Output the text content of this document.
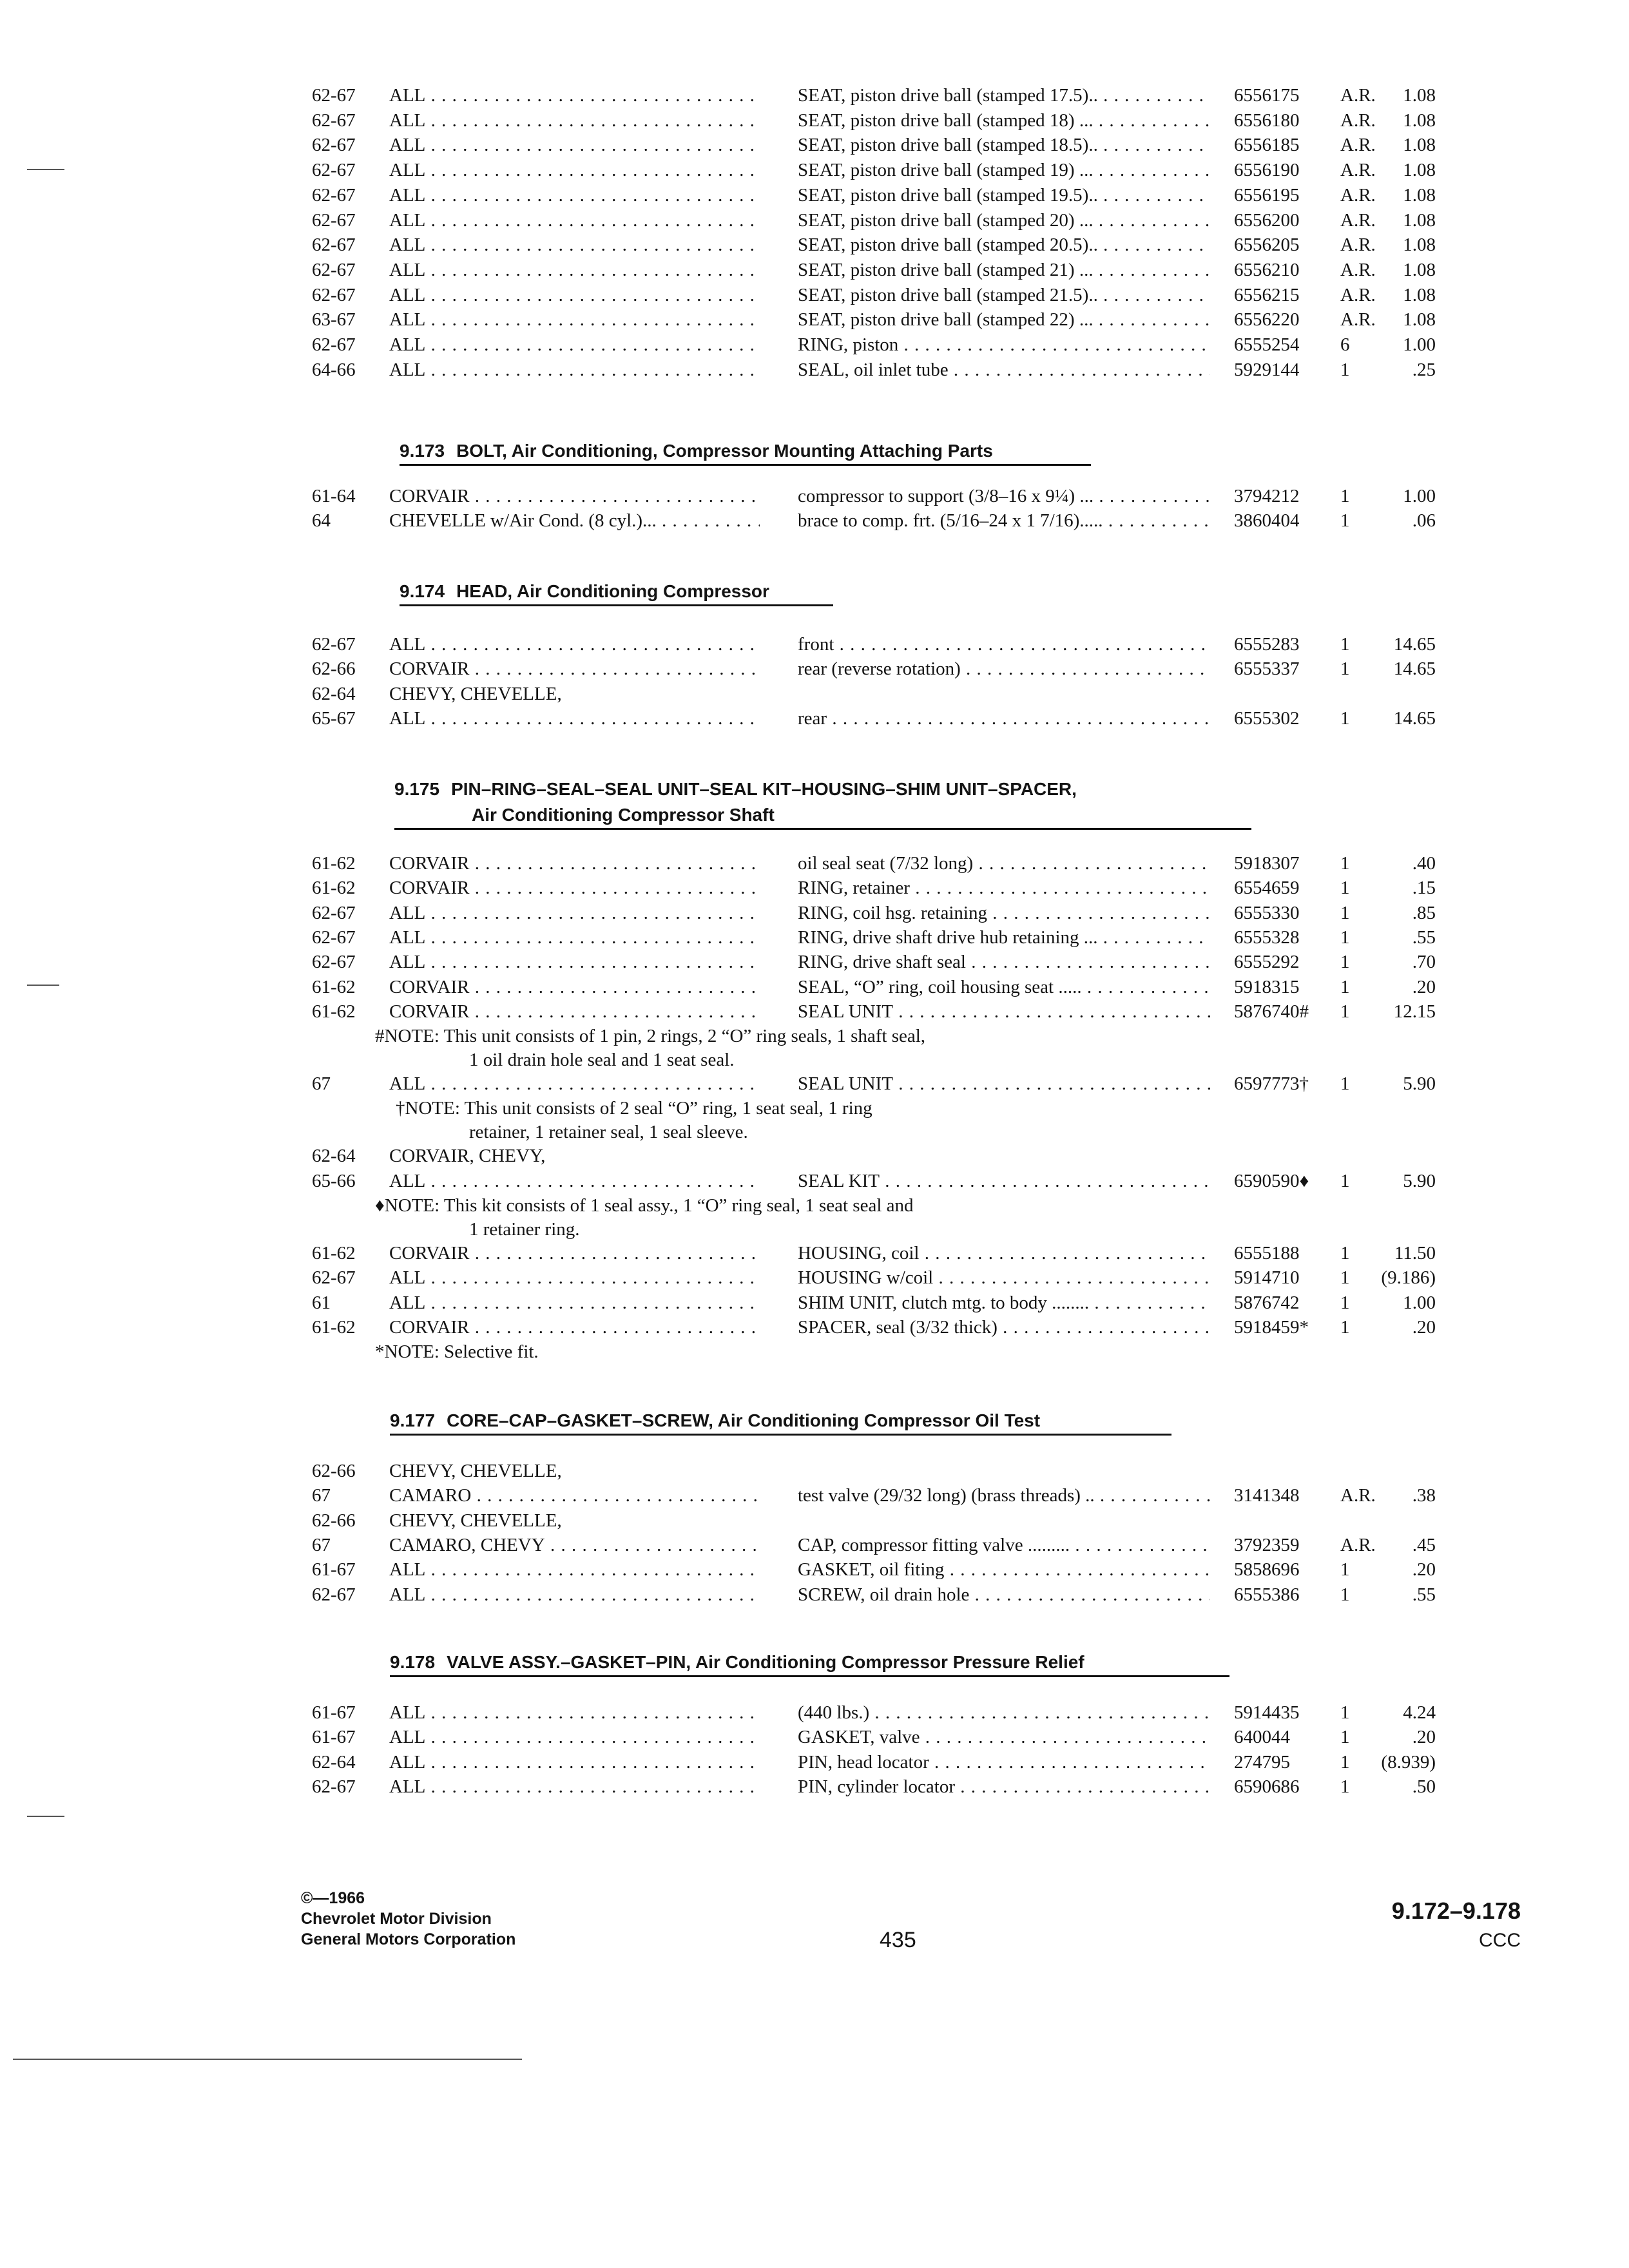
62-67 ALL . . .	SEAT, piston drive ball (stamped 17.5).. . . .	6556175 A.R. 1.08
62-67 ALL . . .	SEAT, piston drive ball (stamped 18) ... . . .	6556180 A.R. 1.08
62-67 ALL . . .	SEAT, piston drive ball (stamped 18.5).. . . .	6556185 A.R. 1.08
62-67 ALL . . .	SEAT, piston drive ball (stamped 19) ... . . .	6556190 A.R. 1.08
62-67 ALL . . .	SEAT, piston drive ball (stamped 19.5).. . . .	6556195 A.R. 1.08
62-67 ALL . . .	SEAT, piston drive ball (stamped 20) ... . . .	6556200 A.R. 1.08
62-67 ALL . . .	SEAT, piston drive ball (stamped 20.5).. . . .	6556205 A.R. 1.08
62-67 ALL . . .	SEAT, piston drive ball (stamped 21) ... . . .	6556210 A.R. 1.08
62-67 ALL . . .	SEAT, piston drive ball (stamped 21.5).. . . .	6556215 A.R. 1.08
63-67 ALL . . .	SEAT, piston drive ball (stamped 22) ... . . .	6556220 A.R. 1.08
62-67 ALL . . .	RING, piston . . .	6555254 6	1.00
64-66 ALL . . .	SEAL, oil inlet tube . . .	5929144 1	.25
9.173 BOLT, Air Conditioning, Compressor Mounting Attaching Parts
61-64 CORVAIR . . .	compressor to support (3/8–16 x 9¼) ... . . .	3794212 1	1.00
64	CHEVELLE w/Air Cond. (8 cyl.)... . . .	brace to comp. frt. (5/16–24 x 1 7/16)..... . . .	3860404 1	.06
9.174 HEAD, Air Conditioning Compressor
62-67 ALL . . .	front . . .	6555283 1 14.65
62-66 CORVAIR . . .	rear (reverse rotation) . . .	6555337 1 14.65
62-64 CHEVY, CHEVELLE,
65-67 ALL . . .	rear . . .	6555302 1 14.65
9.175 PIN–RING–SEAL–SEAL UNIT–SEAL KIT–HOUSING–SHIM UNIT–SPACER,
Air Conditioning Compressor Shaft
61-62 CORVAIR . . .	oil seal seat (7/32 long) . . .	5918307 1	.40
61-62 CORVAIR . . .	RING, retainer . . .	6554659 1	.15
62-67 ALL . . .	RING, coil hsg. retaining . . .	6555330 1	.85
62-67 ALL . . .	RING, drive shaft drive hub retaining ... . . .	6555328 1	.55
62-67 ALL . . .	RING, drive shaft seal . . .	6555292 1	.70
61-62 CORVAIR . . .	SEAL, “O” ring, coil housing seat ..... . . .	5918315 1	.20
61-62 CORVAIR . . .	SEAL UNIT . . .	5876740# 1 12.15
#NOTE: This unit consists of 1 pin, 2 rings, 2 “O” ring seals, 1 shaft seal,
1 oil drain hole seal and 1 seat seal.
67	ALL . . .	SEAL UNIT . . .	6597773† 1	5.90
†NOTE: This unit consists of 2 seal “O” ring, 1 seat seal, 1 ring
retainer, 1 retainer seal, 1 seal sleeve.
62-64 CORVAIR, CHEVY,
65-66 ALL . . .	SEAL KIT . . .	6590590♦ 1	5.90
♦NOTE: This kit consists of 1 seal assy., 1 “O” ring seal, 1 seat seal and
1 retainer ring.
61-62 CORVAIR . . .	HOUSING, coil . . .	6555188 1 11.50
62-67 ALL . . .	HOUSING w/coil . . .	5914710 1 (9.186)
61	ALL . . .	SHIM UNIT, clutch mtg. to body ........ . . .	5876742 1	1.00
61-62 CORVAIR . . .	SPACER, seal (3/32 thick) . . .	5918459* 1	.20
*NOTE: Selective fit.
9.177 CORE–CAP–GASKET–SCREW, Air Conditioning Compressor Oil Test
62-66 CHEVY, CHEVELLE,
67	CAMARO . . .	test valve (29/32 long) (brass threads) .. . . .	3141348 A.R. .38
62-66 CHEVY, CHEVELLE,
67	CAMARO, CHEVY . . .	CAP, compressor fitting valve ......... . . .	3792359 A.R. .45
61-67 ALL . . .	GASKET, oil fiting . . .	5858696 1	.20
62-67 ALL . . .	SCREW, oil drain hole . . .	6555386 1	.55
9.178 VALVE ASSY.–GASKET–PIN, Air Conditioning Compressor Pressure Relief
61-67 ALL . . .	(440 lbs.) . . .	5914435 1	4.24
61-67 ALL . . .	GASKET, valve . . .	640044	1	.20
62-64 ALL . . .	PIN, head locator . . .	274795	1 (8.939)
62-67 ALL . . .	PIN, cylinder locator . . .	6590686 1	.50
©—1966
Chevrolet Motor Division
General Motors Corporation	435
9.172–9.178
CCC
